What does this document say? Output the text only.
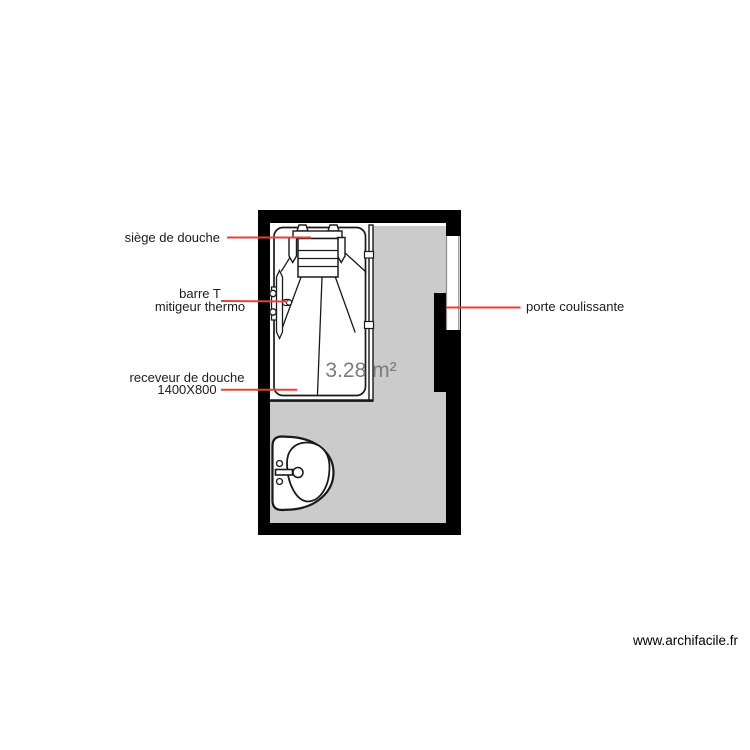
siège de douche
barre T
mitigeur thermo
receveur de douche
1400X800
porte coulissante
3.28 m²
www.archifacile.fr
